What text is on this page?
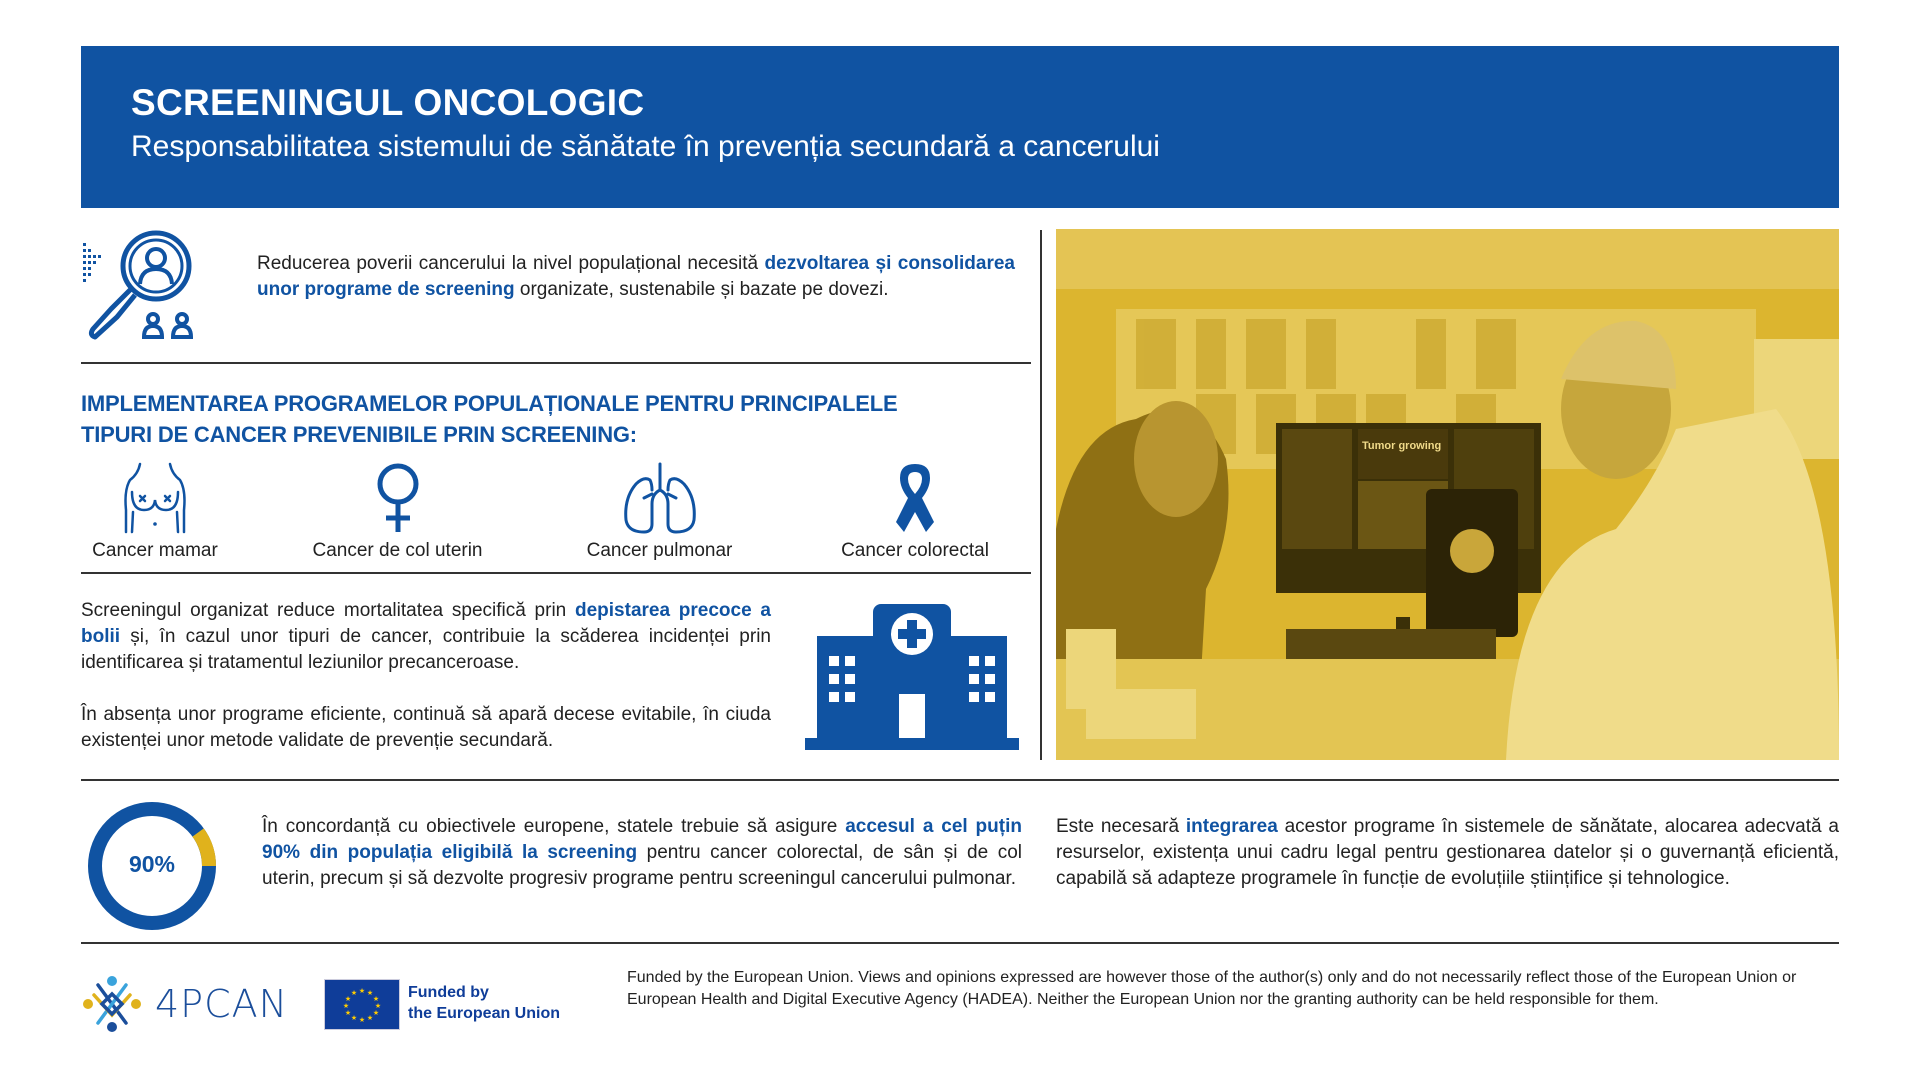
SCREENINGUL ONCOLOGIC
Responsabilitatea sistemului de sănătate în prevenția secundară a cancerului
Reducerea poverii cancerului la nivel populațional necesită dezvoltarea și consolidarea unor programe de screening organizate, sustenabile și bazate pe dovezi.
IMPLEMENTAREA PROGRAMELOR POPULAȚIONALE PENTRU PRINCIPALELE
TIPURI DE CANCER PREVENIBILE PRIN SCREENING:
Cancer mamar	Cancer de col uterin	Cancer pulmonar	Cancer colorectal

Screeningul organizat reduce mortalitatea specifică prin depistarea precoce a bolii și, în cazul unor tipuri de cancer, contribuie la scăderea incidenței prin identificarea și tratamentul leziunilor precanceroase.

În absența unor programe eficiente, continuă să apară decese evitabile, în ciuda existenței unor metode validate de prevenție secundară.

Tumor growing
90%
În concordanță cu obiectivele europene, statele trebuie să asigure accesul a cel puțin 90% din populația eligibilă la screening pentru cancer colorectal, de sân și de col uterin, precum și să dezvolte progresiv programe pentru screeningul cancerului pulmonar.
Este necesară integrarea acestor programe în sistemele de sănătate, alocarea adecvată a resurselor, existența unui cadru legal pentru gestionarea datelor și o guvernanță eficientă, capabilă să adapteze programele în funcție de evoluțiile științifice și tehnologice.
4PCAN	★ ★
★
★
★
★
★
★
★
★
★
★	Funded by
the European Union
Funded by the European Union. Views and opinions expressed are however those of the author(s) only and do not necessarily reflect those of the European Union or European Health and Digital Executive Agency (HADEA). Neither the European Union nor the granting authority can be held responsible for them.
